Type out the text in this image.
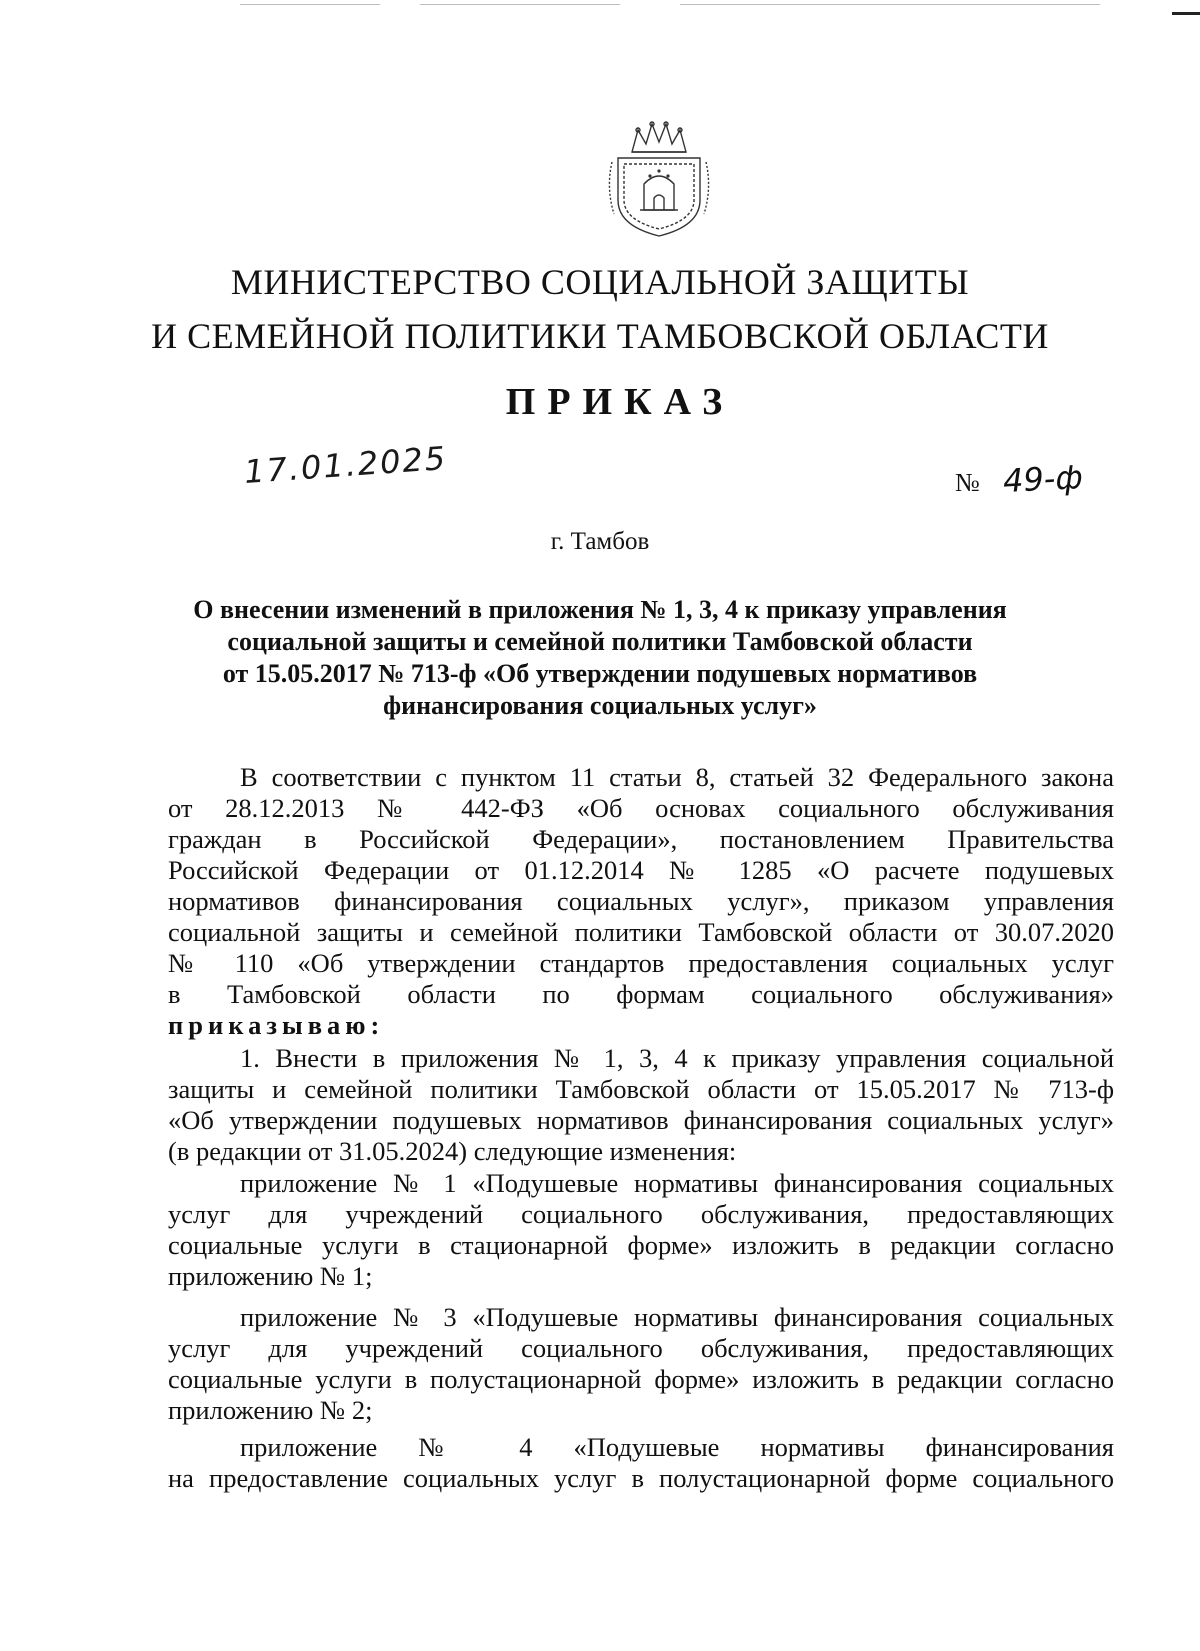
МИНИСТЕРСТВО СОЦИАЛЬНОЙ ЗАЩИТЫ
И СЕМЕЙНОЙ ПОЛИТИКИ ТАМБОВСКОЙ ОБЛАСТИ
ПРИКАЗ
17.01.2025	№ 49-ф
г. Тамбов
О внесении изменений в приложения № 1, 3, 4 к приказу управления
социальной защиты и семейной политики Тамбовской области
от 15.05.2017 № 713-ф «Об утверждении подушевых нормативов
финансирования социальных услуг»
В соответствии с пунктом 11 статьи 8, статьей 32 Федерального закона
от 28.12.2013 № 442-ФЗ «Об основах социального обслуживания
граждан в Российской Федерации», постановлением Правительства
Российской Федерации от 01.12.2014 № 1285 «О расчете подушевых
нормативов финансирования социальных услуг», приказом управления
социальной защиты и семейной политики Тамбовской области от 30.07.2020
№ 110 «Об утверждении стандартов предоставления социальных услуг
в Тамбовской области по формам социального обслуживания»
приказываю:
1. Внести в приложения № 1, 3, 4 к приказу управления социальной
защиты и семейной политики Тамбовской области от 15.05.2017 № 713-ф
«Об утверждении подушевых нормативов финансирования социальных услуг»
(в редакции от 31.05.2024) следующие изменения:
приложение № 1 «Подушевые нормативы финансирования социальных
услуг для учреждений социального обслуживания, предоставляющих
социальные услуги в стационарной форме» изложить в редакции согласно
приложению № 1;
приложение № 3 «Подушевые нормативы финансирования социальных
услуг для учреждений социального обслуживания, предоставляющих
социальные услуги в полустационарной форме» изложить в редакции согласно
приложению № 2;
приложение № 4 «Подушевые нормативы финансирования
на предоставление социальных услуг в полустационарной форме социального
